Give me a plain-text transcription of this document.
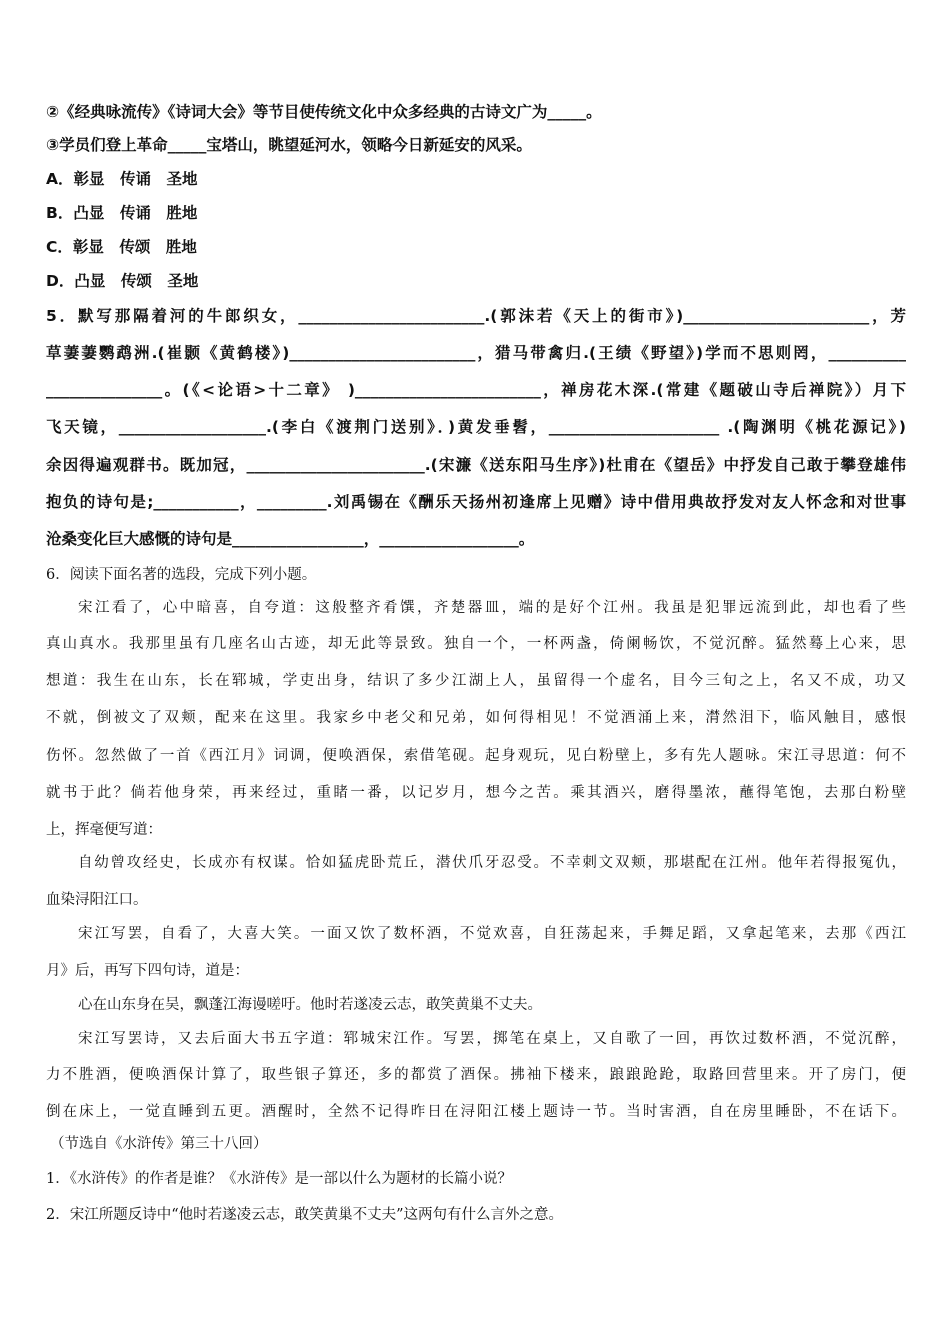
②《经典咏流传》《诗词大会》等节目使传统文化中众多经典的古诗文广为_____。
③学员们登上革命_____宝塔山，眺望延河水，领略今日新延安的风采。
A．彰显　传诵　圣地
B．凸显　传诵　胜地
C．彰显　传颂　胜地
D．凸显　传颂　圣地
5．默写那隔着河的牛郎织女，________________________.(郭沫若《天上的街市》)________________________，芳
草萋萋鹦鹉洲.(崔颢《黄鹤楼》)________________________，猎马带禽归.(王绩《野望》)学而不思则罔，__________
_______________。(《<论语>十二章》 )________________________，禅房花木深.(常建《题破山寺后禅院》）月下
飞天镜，___________________.(李白《渡荆门送别》．)黄发垂髫，______________________ .(陶渊明《桃花源记》)
余因得遍观群书。既加冠，_______________________.(宋濂《送东阳马生序》)杜甫在《望岳》中抒发自己敢于攀登雄伟
抱负的诗句是;___________，_________.刘禹锡在《酬乐天扬州初逢席上见赠》诗中借用典故抒发对友人怀念和对世事
沧桑变化巨大感慨的诗句是_________________，__________________。
6．阅读下面名著的选段，完成下列小题。
宋江看了，心中暗喜，自夸道：这般整齐肴馔，齐楚器皿，端的是好个江州。我虽是犯罪远流到此，却也看了些
真山真水。我那里虽有几座名山古迹，却无此等景致。独自一个，一杯两盏，倚阑畅饮，不觉沉醉。猛然蓦上心来，思
想道：我生在山东，长在郓城，学吏出身，结识了多少江湖上人，虽留得一个虚名，目今三旬之上，名又不成，功又
不就，倒被文了双颊，配来在这里。我家乡中老父和兄弟，如何得相见！不觉酒涌上来，潸然泪下，临风触目，感恨
伤怀。忽然做了一首《西江月》词调，便唤酒保，索借笔砚。起身观玩，见白粉壁上，多有先人题咏。宋江寻思道：何不
就书于此？倘若他身荣，再来经过，重睹一番，以记岁月，想今之苦。乘其酒兴，磨得墨浓，蘸得笔饱，去那白粉壁
上，挥毫便写道：
自幼曾攻经史，长成亦有权谋。恰如猛虎卧荒丘，潜伏爪牙忍受。不幸刺文双颊，那堪配在江州。他年若得报冤仇，
血染浔阳江口。
宋江写罢，自看了，大喜大笑。一面又饮了数杯酒，不觉欢喜，自狂荡起来，手舞足蹈，又拿起笔来，去那《西江
月》后，再写下四句诗，道是：
心在山东身在吴，飘蓬江海谩嗟吁。他时若遂凌云志，敢笑黄巢不丈夫。
宋江写罢诗，又去后面大书五字道：郓城宋江作。写罢，掷笔在桌上，又自歌了一回，再饮过数杯酒，不觉沉醉，
力不胜酒，便唤酒保计算了，取些银子算还，多的都赏了酒保。拂袖下楼来，踉踉跄跄，取路回营里来。开了房门，便
倒在床上，一觉直睡到五更。酒醒时，全然不记得昨日在浔阳江楼上题诗一节。当时害酒，自在房里睡卧，不在话下。
（节选自《水浒传》第三十八回）
1．《水浒传》的作者是谁？《水浒传》是一部以什么为题材的长篇小说？
2．宋江所题反诗中“他时若遂凌云志，敢笑黄巢不丈夫”这两句有什么言外之意。
